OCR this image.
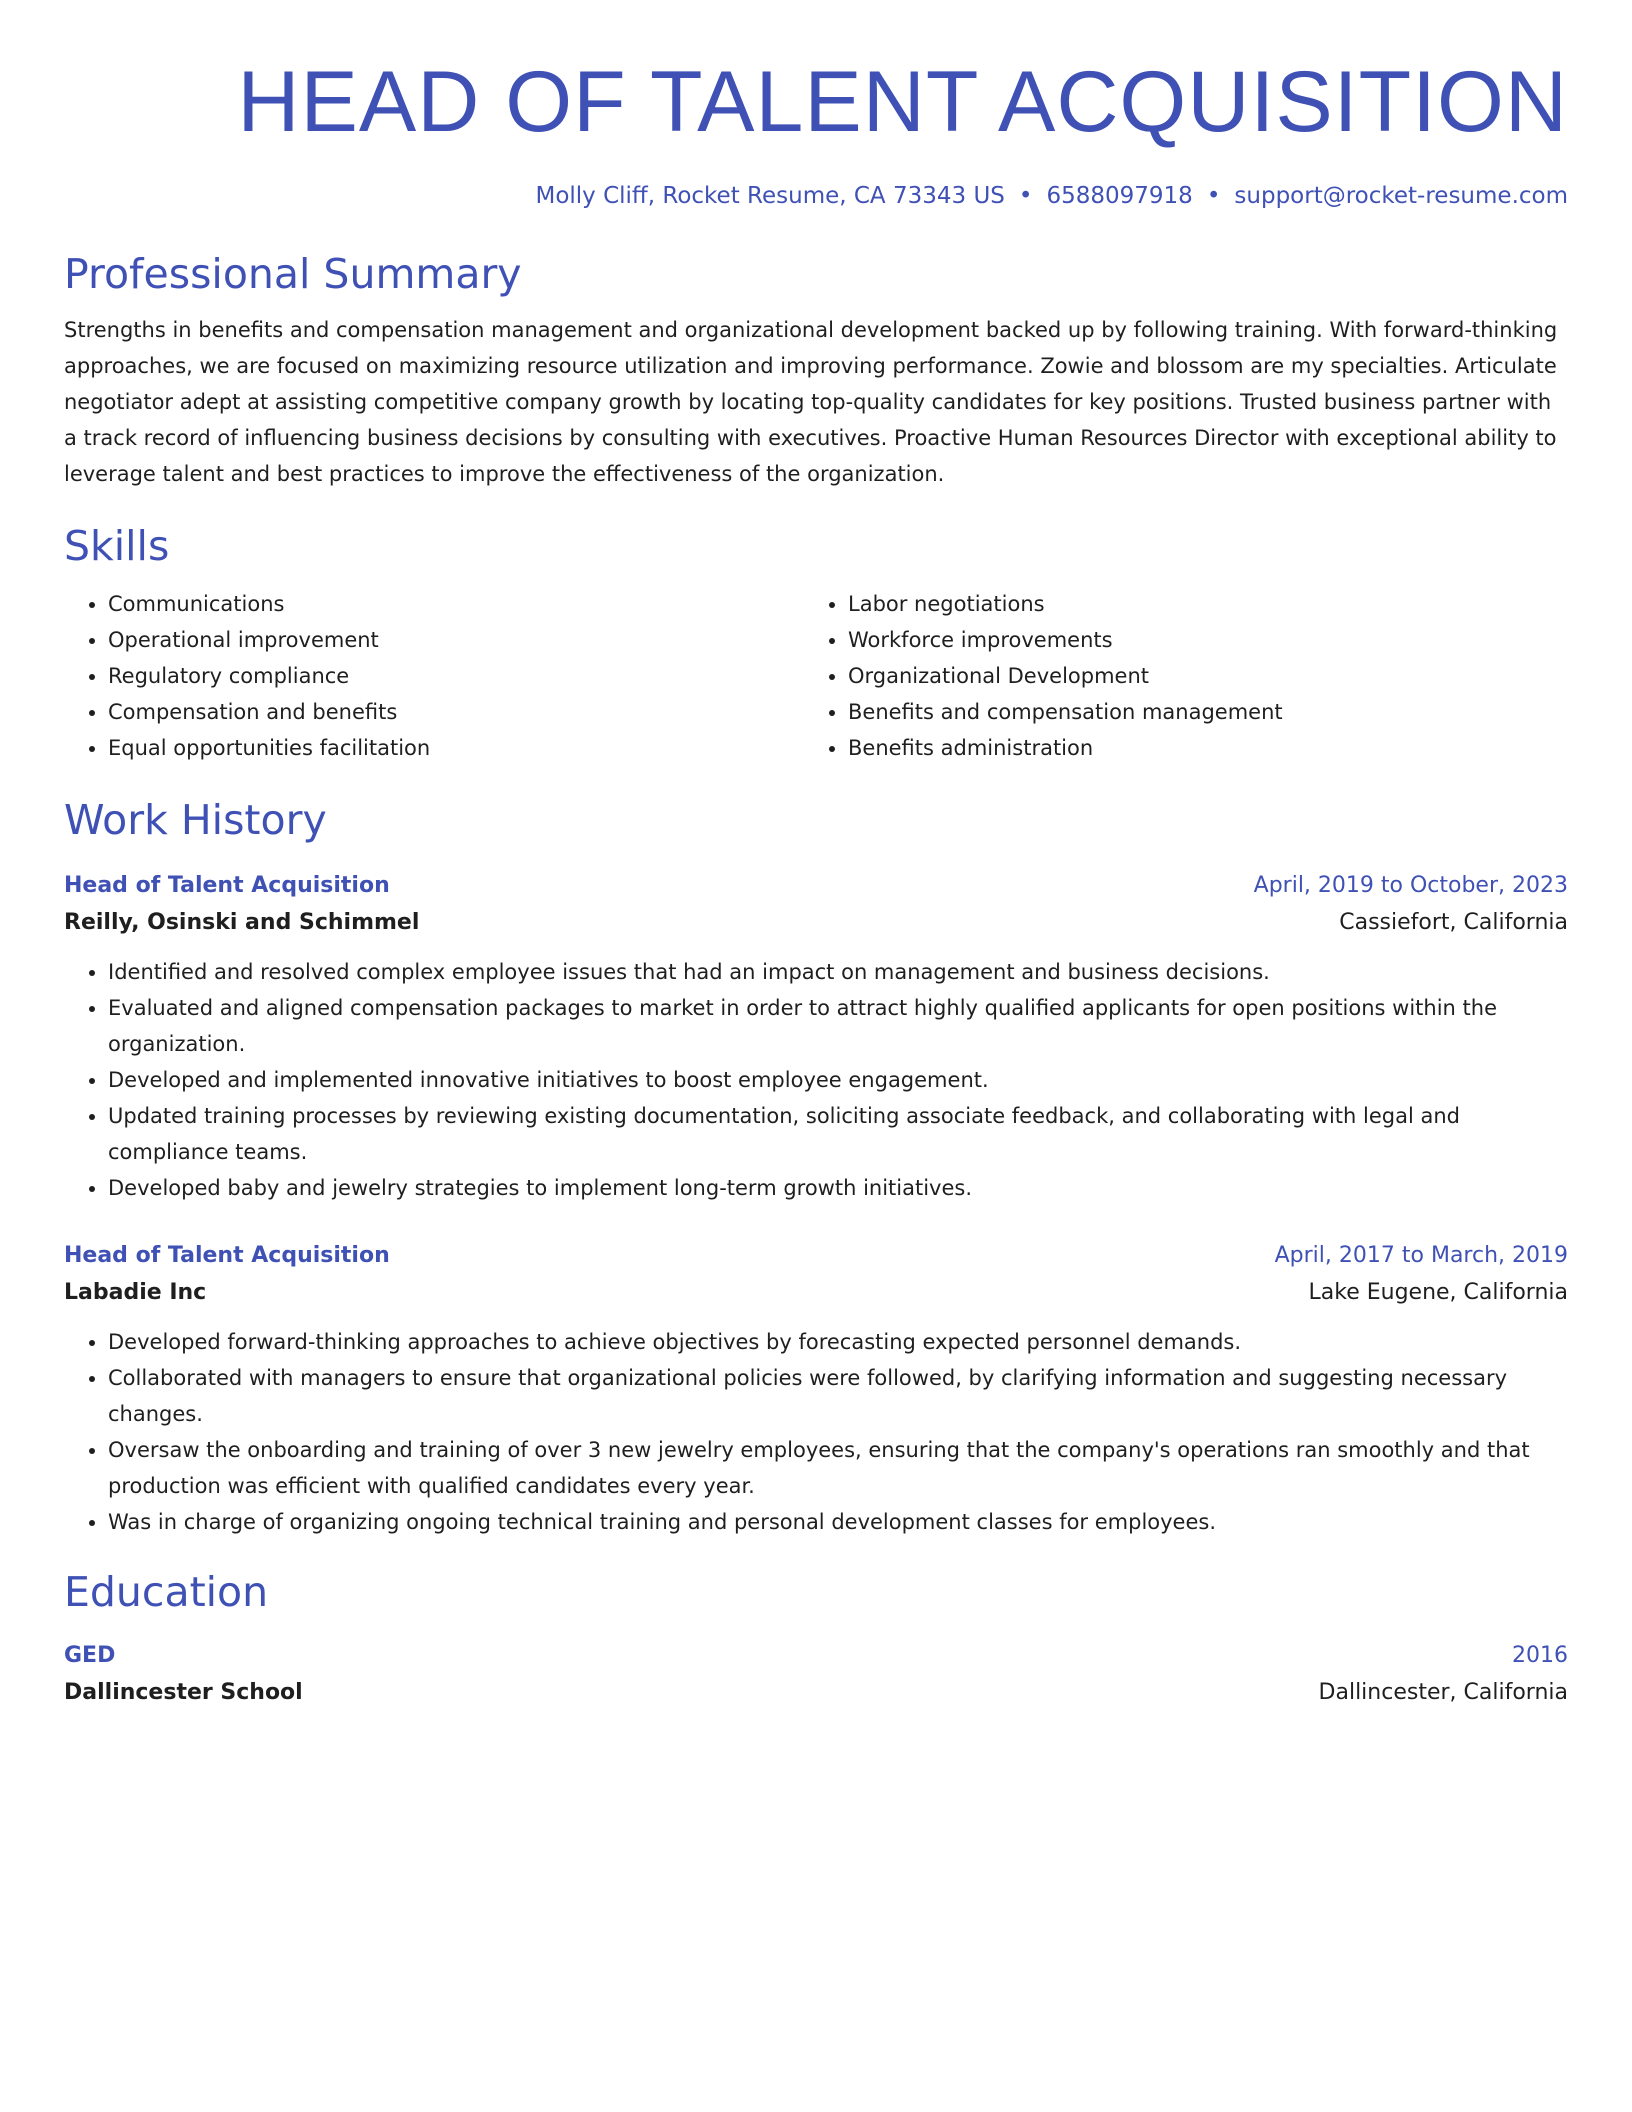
HEAD OF TALENT ACQUISITION
Molly Cliff, Rocket Resume, CA 73343 US • 6588097918 • support@rocket-resume.com
Professional Summary

Strengths in benefits and compensation management and organizational development backed up by following training. With forward-thinking approaches, we are focused on maximizing resource utilization and improving performance. Zowie and blossom are my specialties. Articulate negotiator adept at assisting competitive company growth by locating top-quality candidates for key positions. Trusted business partner with a track record of influencing business decisions by consulting with executives. Proactive Human Resources Director with exceptional ability to leverage talent and best practices to improve the effectiveness of the organization.

Skills
• Communications
• Operational improvement
• Regulatory compliance
• Compensation and benefits
• Equal opportunities facilitation
• Labor negotiations
• Workforce improvements
• Organizational Development
• Benefits and compensation management
• Benefits administration
Work History
Head of Talent Acquisition	April, 2019 to October, 2023
Reilly, Osinski and Schimmel	Cassiefort, California
• Identified and resolved complex employee issues that had an impact on management and business decisions.
• Evaluated and aligned compensation packages to market in order to attract highly qualified applicants for open positions within the organization.
• Developed and implemented innovative initiatives to boost employee engagement.
• Updated training processes by reviewing existing documentation, soliciting associate feedback, and collaborating with legal and compliance teams.
• Developed baby and jewelry strategies to implement long-term growth initiatives.
Head of Talent Acquisition	April, 2017 to March, 2019
Labadie Inc	Lake Eugene, California
• Developed forward-thinking approaches to achieve objectives by forecasting expected personnel demands.
• Collaborated with managers to ensure that organizational policies were followed, by clarifying information and suggesting necessary changes.
• Oversaw the onboarding and training of over 3 new jewelry employees, ensuring that the company's operations ran smoothly and that production was efficient with qualified candidates every year.
• Was in charge of organizing ongoing technical training and personal development classes for employees.
Education
GED	2016
Dallincester School	Dallincester, California
